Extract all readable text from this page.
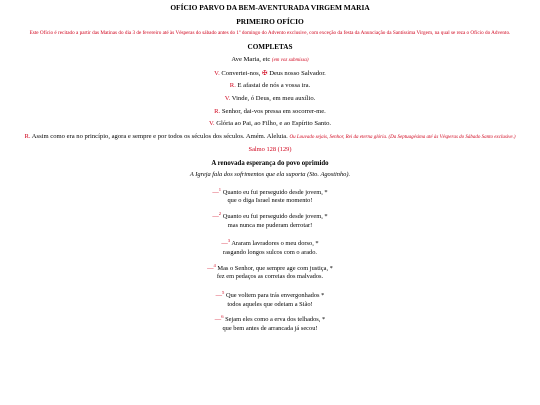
OFÍCIO PARVO DA BEM-AVENTURADA VIRGEM MARIA
PRIMEIRO OFÍCIO
Este Ofício é recitado a partir das Matinas do dia 3 de fevereiro até às Vésperas do sábado antes do 1º domingo do Advento exclusive, com exceção da festa da Anunciação da Santíssima Virgem, na qual se reza o Ofício do Advento.
COMPLETAS
Ave Maria, etc (em voz submissa)
V. Convertei-nos, ✠ Deus nosso Salvador.
R. E afastai de nós a vossa ira.
V. Vinde, ó Deus, em meu auxílio.
R. Senhor, dai-vos pressa em socorrer-me.
V. Glória ao Pai, ao Filho, e ao Espírito Santo.
R. Assim como era no princípio, agora e sempre e por todos os séculos dos séculos. Amém. Aleluia. Ou Louvado sejais, Senhor, Rei da eterna glória. (Da Septuagésima até às Vésperas do Sábado Santo exclusive.)
Salmo 128 (129)
A renovada esperança do povo oprimido
A Igreja fala dos sofrimentos que ela suporta (Sto. Agostinho).
—$^1$ Quanto eu fui perseguido desde jovem, *
que o diga Israel neste momento!
—$^2$ Quanto eu fui perseguido desde jovem, *
mas nunca me puderam derrotar!
—$^3$ Araram lavradores o meu dorso, *
rasgando longos sulcos com o arado.
—$^4$ Mas o Senhor, que sempre age com justiça, *
fez em pedaços as correias dos malvados.
—$^5$ Que voltem para trás envergonhados *
todos aqueles que odeiam a Sião!
—$^6$ Sejam eles como a erva dos telhados, *
que bem antes de arrancada já secou!
